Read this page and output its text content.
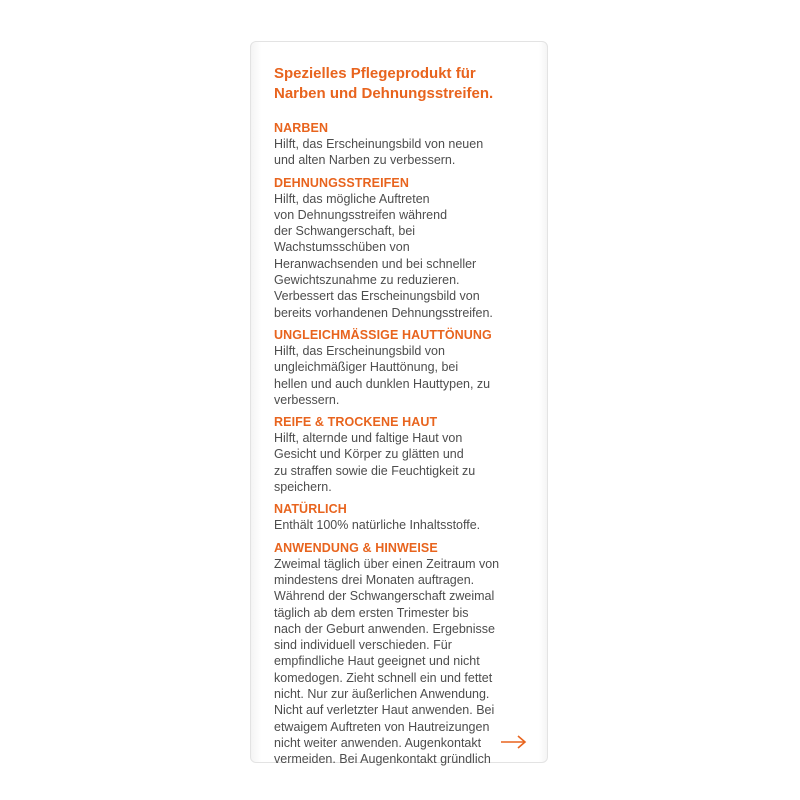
Spezielles Pflegeprodukt für
Narben und Dehnungsstreifen.
NARBEN
Hilft, das Erscheinungsbild von neuen
und alten Narben zu verbessern.
DEHNUNGSSTREIFEN
Hilft, das mögliche Auftreten
von Dehnungsstreifen während
der Schwangerschaft, bei
Wachstumsschüben von
Heranwachsenden und bei schneller
Gewichtszunahme zu reduzieren.
Verbessert das Erscheinungsbild von
bereits vorhandenen Dehnungsstreifen.
UNGLEICHMÄSSIGE HAUTTÖNUNG
Hilft, das Erscheinungsbild von
ungleichmäßiger Hauttönung, bei
hellen und auch dunklen Hauttypen, zu
verbessern.
REIFE & TROCKENE HAUT
Hilft, alternde und faltige Haut von
Gesicht und Körper zu glätten und
zu straffen sowie die Feuchtigkeit zu
speichern.
NATÜRLICH
Enthält 100% natürliche Inhaltsstoffe.
ANWENDUNG & HINWEISE
Zweimal täglich über einen Zeitraum von
mindestens drei Monaten auftragen.
Während der Schwangerschaft zweimal
täglich ab dem ersten Trimester bis
nach der Geburt anwenden. Ergebnisse
sind individuell verschieden. Für
empfindliche Haut geeignet und nicht
komedogen. Zieht schnell ein und fettet
nicht. Nur zur äußerlichen Anwendung.
Nicht auf verletzter Haut anwenden. Bei
etwaigem Auftreten von Hautreizungen
nicht weiter anwenden. Augenkontakt
vermeiden. Bei Augenkontakt gründlich
